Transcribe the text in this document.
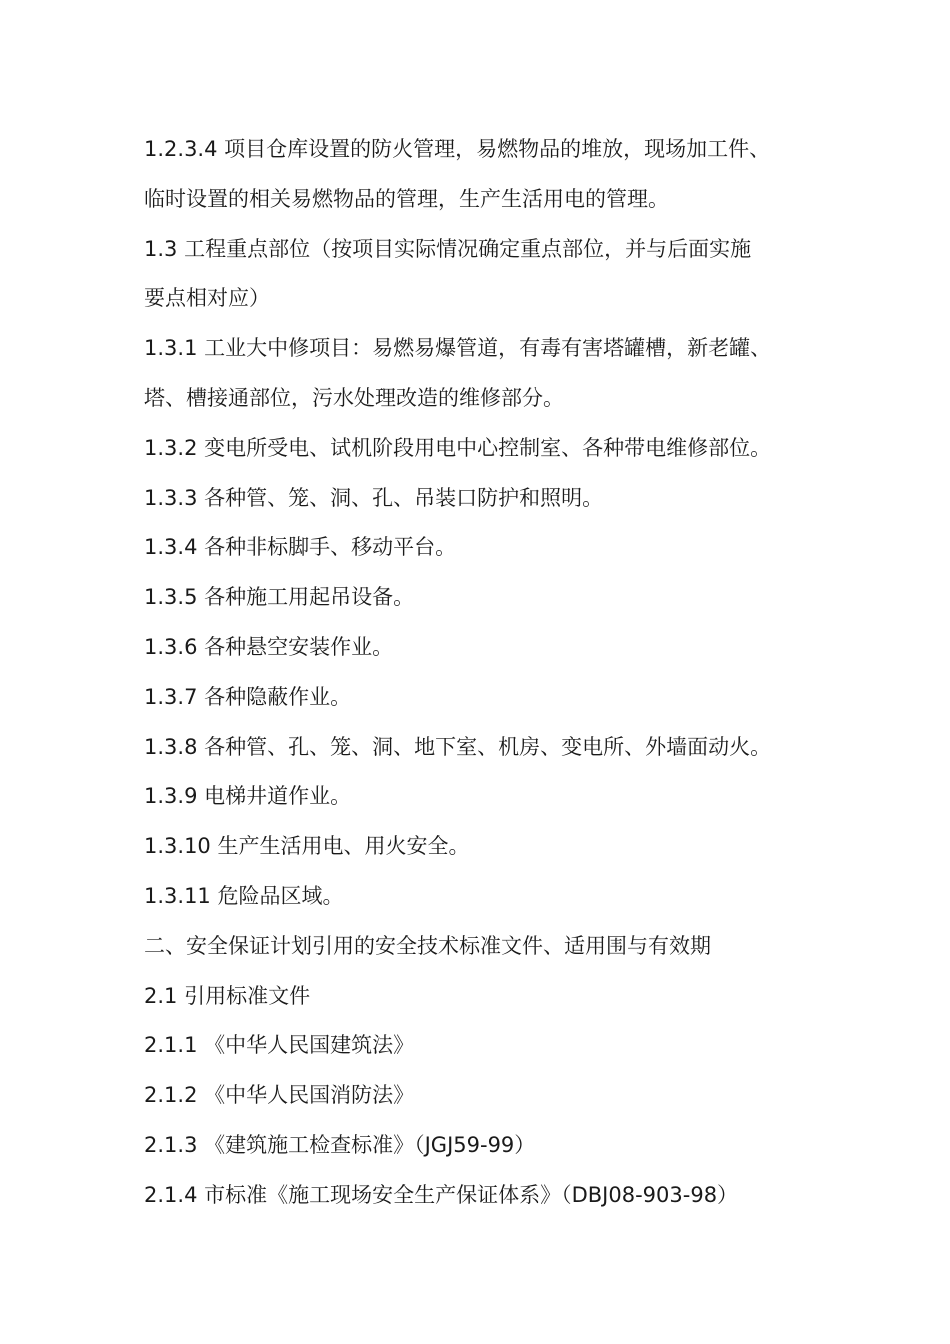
1.2.3.4 项目仓库设置的防火管理，易燃物品的堆放，现场加工件、
临时设置的相关易燃物品的管理，生产生活用电的管理。
1.3 工程重点部位（按项目实际情况确定重点部位，并与后面实施
要点相对应）
1.3.1 工业大中修项目：易燃易爆管道，有毒有害塔罐槽，新老罐、
塔、槽接通部位，污水处理改造的维修部分。
1.3.2 变电所受电、试机阶段用电中心控制室、各种带电维修部位。
1.3.3 各种管、笼、洞、孔、吊装口防护和照明。
1.3.4 各种非标脚手、移动平台。
1.3.5 各种施工用起吊设备。
1.3.6 各种悬空安装作业。
1.3.7 各种隐蔽作业。
1.3.8 各种管、孔、笼、洞、地下室、机房、变电所、外墙面动火。
1.3.9 电梯井道作业。
1.3.10 生产生活用电、用火安全。
1.3.11 危险品区域。
二、安全保证计划引用的安全技术标准文件、适用围与有效期
2.1 引用标准文件
2.1.1 《中华人民国建筑法》
2.1.2 《中华人民国消防法》
2.1.3 《建筑施工检查标准》（JGJ59-99）
2.1.4 市标准《施工现场安全生产保证体系》（DBJ08-903-98）
